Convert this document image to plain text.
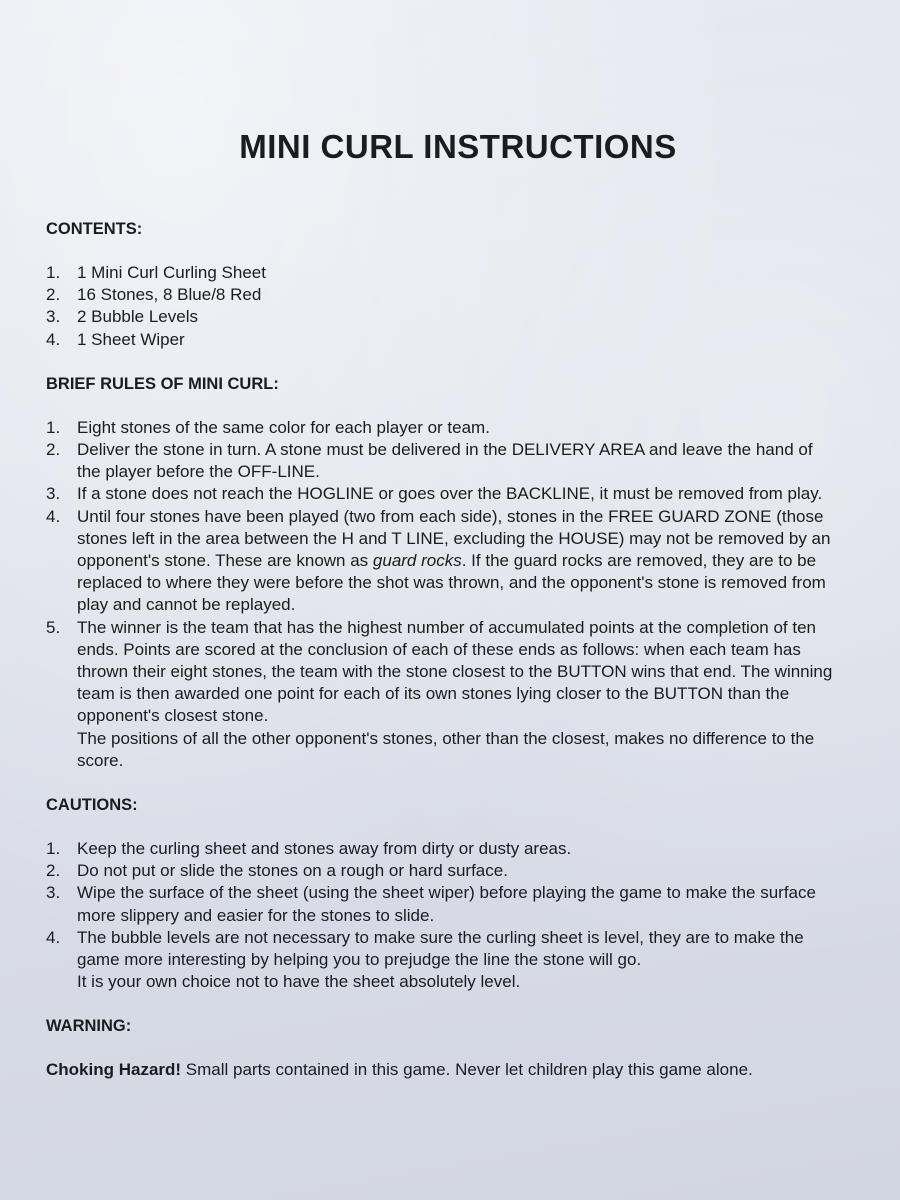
MINI CURL INSTRUCTIONS
CONTENTS:
1. 1 Mini Curl Curling Sheet
2. 16 Stones, 8 Blue/8 Red
3. 2 Bubble Levels
4. 1 Sheet Wiper
BRIEF RULES OF MINI CURL:
1. Eight stones of the same color for each player or team.
2. Deliver the stone in turn. A stone must be delivered in the DELIVERY AREA and leave the hand of the player before the OFF-LINE.
3. If a stone does not reach the HOGLINE or goes over the BACKLINE, it must be removed from play.
4. Until four stones have been played (two from each side), stones in the FREE GUARD ZONE (those stones left in the area between the H and T LINE, excluding the HOUSE) may not be removed by an opponent's stone. These are known as guard rocks. If the guard rocks are removed, they are to be replaced to where they were before the shot was thrown, and the opponent's stone is removed from play and cannot be replayed.
5. The winner is the team that has the highest number of accumulated points at the completion of ten ends. Points are scored at the conclusion of each of these ends as follows: when each team has thrown their eight stones, the team with the stone closest to the BUTTON wins that end. The winning team is then awarded one point for each of its own stones lying closer to the BUTTON than the opponent's closest stone.
The positions of all the other opponent's stones, other than the closest, makes no difference to the score.
CAUTIONS:
1. Keep the curling sheet and stones away from dirty or dusty areas.
2. Do not put or slide the stones on a rough or hard surface.
3. Wipe the surface of the sheet (using the sheet wiper) before playing the game to make the surface more slippery and easier for the stones to slide.
4. The bubble levels are not necessary to make sure the curling sheet is level, they are to make the game more interesting by helping you to prejudge the line the stone will go.
It is your own choice not to have the sheet absolutely level.
WARNING:

Choking Hazard! Small parts contained in this game. Never let children play this game alone.
